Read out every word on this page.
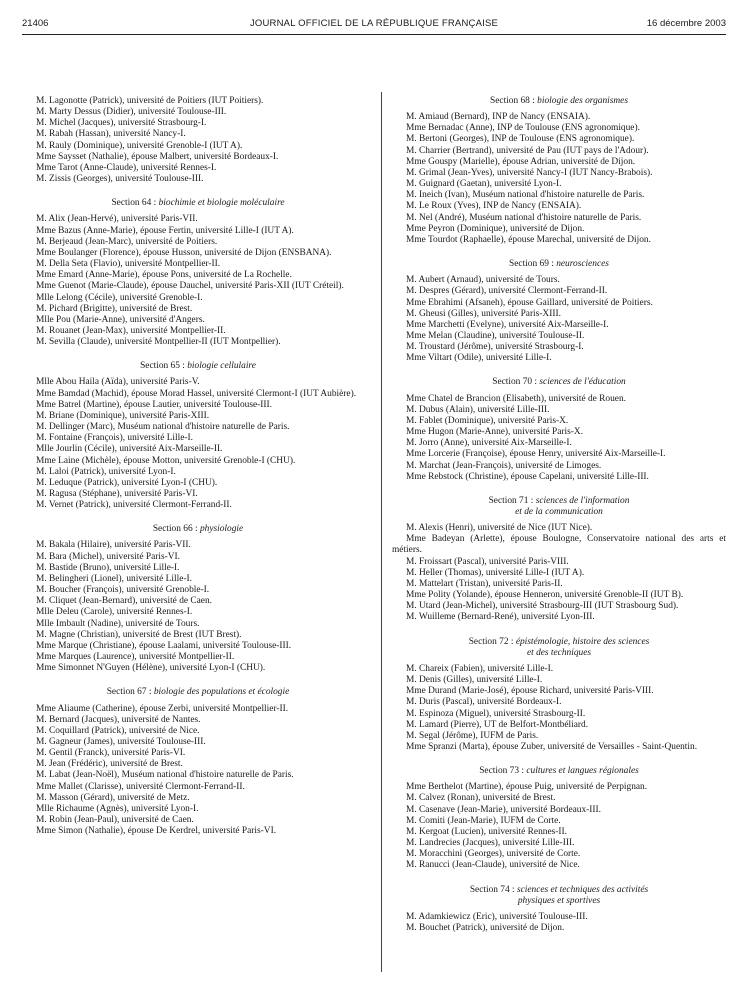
21406	JOURNAL OFFICIEL DE LA RÉPUBLIQUE FRANÇAISE	16 décembre 2003

M. Lagonotte (Patrick), université de Poitiers (IUT Poitiers).

M. Marty Dessus (Didier), université Toulouse-III.

M. Michel (Jacques), université Strasbourg-I.

M. Rabah (Hassan), université Nancy-I.

M. Rauly (Dominique), université Grenoble-I (IUT A).

Mme Saysset (Nathalie), épouse Malbert, université Bordeaux-I.

Mme Tarot (Anne-Claude), université Rennes-I.

M. Zissis (Georges), université Toulouse-III.

Section 64 : biochimie et biologie moléculaire

M. Alix (Jean-Hervé), université Paris-VII.

Mme Bazus (Anne-Marie), épouse Fertin, université Lille-I (IUT A).

M. Berjeaud (Jean-Marc), université de Poitiers.

Mme Boulanger (Florence), épouse Husson, université de Dijon (ENSBANA).

M. Della Seta (Flavio), université Montpellier-II.

Mme Emard (Anne-Marie), épouse Pons, université de La Rochelle.

Mme Guenot (Marie-Claude), épouse Dauchel, université Paris-XII (IUT Créteil).

Mlle Lelong (Cécile), université Grenoble-I.

M. Pichard (Brigitte), université de Brest.

Mlle Pou (Marie-Anne), université d'Angers.

M. Rouanet (Jean-Max), université Montpellier-II.

M. Sevilla (Claude), université Montpellier-II (IUT Montpellier).

Section 65 : biologie cellulaire

Mlle Abou Haila (Aïda), université Paris-V.

Mme Bamdad (Machid), épouse Morad Hassel, université Clermont-I (IUT Aubière).

Mme Batrel (Martine), épouse Lautier, université Toulouse-III.

M. Briane (Dominique), université Paris-XIII.

M. Dellinger (Marc), Muséum national d'histoire naturelle de Paris.

M. Fontaine (François), université Lille-I.

Mlle Jourlin (Cécile), université Aix-Marseille-II.

Mme Laine (Michèle), épouse Motton, université Grenoble-I (CHU).

M. Laloi (Patrick), université Lyon-I.

M. Leduque (Patrick), université Lyon-I (CHU).

M. Ragusa (Stéphane), université Paris-VI.

M. Vernet (Patrick), université Clermont-Ferrand-II.

Section 66 : physiologie

M. Bakala (Hilaire), université Paris-VII.

M. Bara (Michel), université Paris-VI.

M. Bastide (Bruno), université Lille-I.

M. Belingheri (Lionel), université Lille-I.

M. Boucher (François), université Grenoble-I.

M. Cliquet (Jean-Bernard), université de Caen.

Mlle Deleu (Carole), université Rennes-I.

Mlle Imbault (Nadine), université de Tours.

M. Magne (Christian), université de Brest (IUT Brest).

Mme Marque (Christiane), épouse Laalami, université Toulouse-III.

Mme Marques (Laurence), université Montpellier-II.

Mme Simonnet N'Guyen (Hélène), université Lyon-I (CHU).

Section 67 : biologie des populations et écologie

Mme Aliaume (Catherine), épouse Zerbi, université Montpellier-II.

M. Bernard (Jacques), université de Nantes.

M. Coquillard (Patrick), université de Nice.

M. Gagneur (James), université Toulouse-III.

M. Gentil (Franck), université Paris-VI.

M. Jean (Frédéric), université de Brest.

M. Labat (Jean-Noël), Muséum national d'histoire naturelle de Paris.

Mme Mallet (Clarisse), université Clermont-Ferrand-II.

M. Masson (Gérard), université de Metz.

Mlle Richaume (Agnès), université Lyon-I.

M. Robin (Jean-Paul), université de Caen.

Mme Simon (Nathalie), épouse De Kerdrel, université Paris-VI.

Section 68 : biologie des organismes

M. Amiaud (Bernard), INP de Nancy (ENSAIA).

Mme Bernadac (Anne), INP de Toulouse (ENS agronomique).

M. Bertoni (Georges), INP de Toulouse (ENS agronomique).

M. Charrier (Bertrand), université de Pau (IUT pays de l'Adour).

Mme Gouspy (Marielle), épouse Adrian, université de Dijon.

M. Grimal (Jean-Yves), université Nancy-I (IUT Nancy-Brabois).

M. Guignard (Gaetan), université Lyon-I.

M. Ineich (Ivan), Muséum national d'histoire naturelle de Paris.

M. Le Roux (Yves), INP de Nancy (ENSAIA).

M. Nel (André), Muséum national d'histoire naturelle de Paris.

Mme Peyron (Dominique), université de Dijon.

Mme Tourdot (Raphaelle), épouse Marechal, université de Dijon.

Section 69 : neurosciences

M. Aubert (Arnaud), université de Tours.

M. Despres (Gérard), université Clermont-Ferrand-II.

Mme Ebrahimi (Afsaneh), épouse Gaillard, université de Poitiers.

M. Gheusi (Gilles), université Paris-XIII.

Mme Marchetti (Evelyne), université Aix-Marseille-I.

Mme Melan (Claudine), université Toulouse-II.

M. Troustard (Jérôme), université Strasbourg-I.

Mme Viltart (Odile), université Lille-I.

Section 70 : sciences de l'éducation

Mme Chatel de Brancion (Elisabeth), université de Rouen.

M. Dubus (Alain), université Lille-III.

M. Fablet (Dominique), université Paris-X.

Mme Hugon (Marie-Anne), université Paris-X.

M. Jorro (Anne), université Aix-Marseille-I.

Mme Lorcerie (Françoise), épouse Henry, université Aix-Marseille-I.

M. Marchat (Jean-François), université de Limoges.

Mme Rebstock (Christine), épouse Capelani, université Lille-III.

Section 71 : sciences de l'information
et de la communication

M. Alexis (Henri), université de Nice (IUT Nice).

Mme Badeyan (Arlette), épouse Boulogne, Conservatoire national des arts et métiers.

M. Froissart (Pascal), université Paris-VIII.

M. Heller (Thomas), université Lille-I (IUT A).

M. Mattelart (Tristan), université Paris-II.

Mme Polity (Yolande), épouse Henneron, université Grenoble-II (IUT B).

M. Utard (Jean-Michel), université Strasbourg-III (IUT Strasbourg Sud).

M. Wuilleme (Bernard-René), université Lyon-III.

Section 72 : épistémologie, histoire des sciences
et des techniques

M. Chareix (Fabien), université Lille-I.

M. Denis (Gilles), université Lille-I.

Mme Durand (Marie-José), épouse Richard, université Paris-VIII.

M. Duris (Pascal), université Bordeaux-I.

M. Espinoza (Miguel), université Strasbourg-II.

M. Lamard (Pierre), UT de Belfort-Montbéliard.

M. Segal (Jérôme), IUFM de Paris.

Mme Spranzi (Marta), épouse Zuber, université de Versailles - Saint-Quentin.

Section 73 : cultures et langues régionales

Mme Berthelot (Martine), épouse Puig, université de Perpignan.

M. Calvez (Ronan), université de Brest.

M. Casenave (Jean-Marie), université Bordeaux-III.

M. Comiti (Jean-Marie), IUFM de Corte.

M. Kergoat (Lucien), université Rennes-II.

M. Landrecies (Jacques), université Lille-III.

M. Moracchini (Georges), université de Corte.

M. Ranucci (Jean-Claude), université de Nice.

Section 74 : sciences et techniques des activités
physiques et sportives

M. Adamkiewicz (Eric), université Toulouse-III.

M. Bouchet (Patrick), université de Dijon.
